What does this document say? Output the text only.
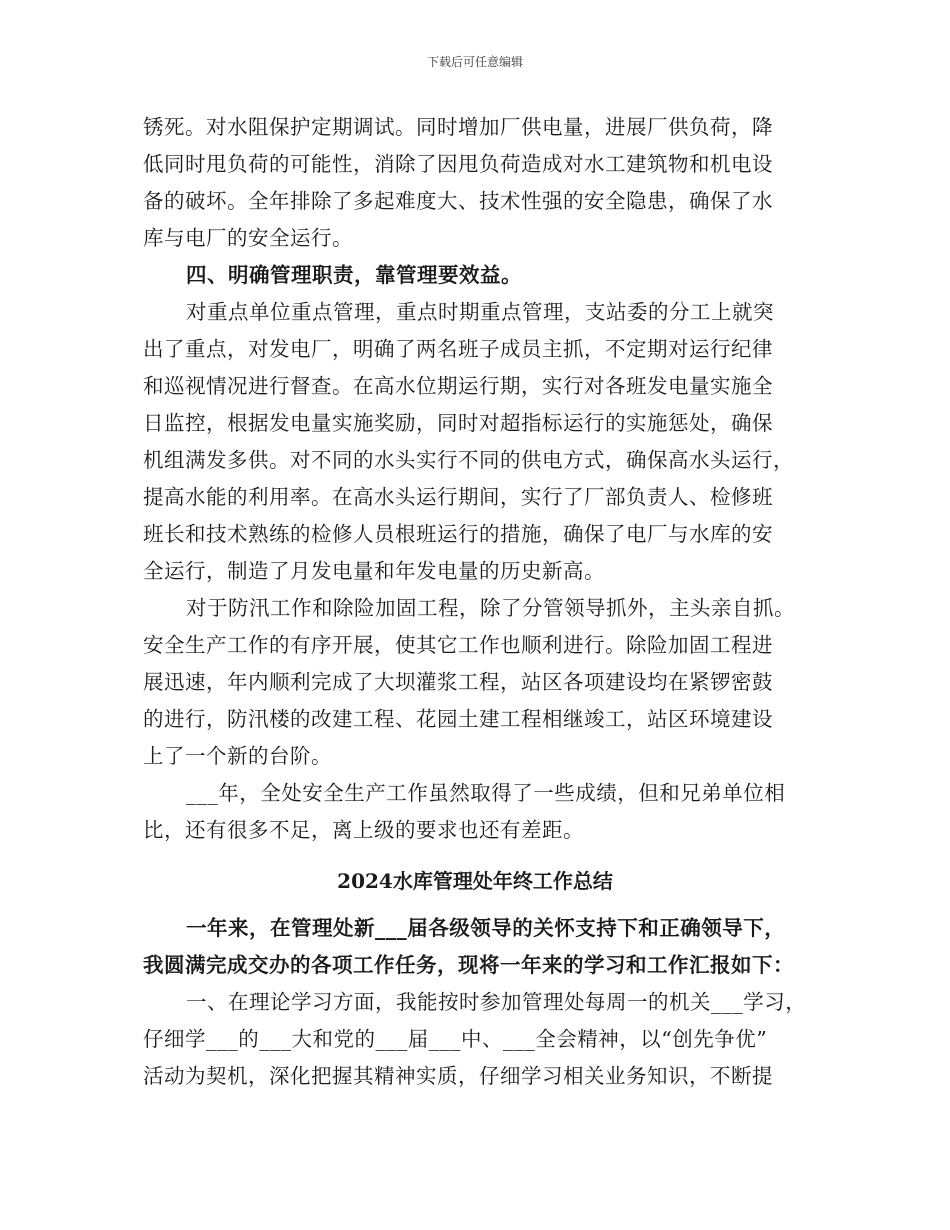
下载后可任意编辑
锈死。对水阻保护定期调试。同时增加厂供电量，进展厂供负荷，降
低同时甩负荷的可能性，消除了因甩负荷造成对水工建筑物和机电设
备的破坏。全年排除了多起难度大、技术性强的安全隐患，确保了水
库与电厂的安全运行。
四、明确管理职责，靠管理要效益。
对重点单位重点管理，重点时期重点管理，支站委的分工上就突
出了重点，对发电厂，明确了两名班子成员主抓，不定期对运行纪律
和巡视情况进行督查。在高水位期运行期，实行对各班发电量实施全
日监控，根据发电量实施奖励，同时对超指标运行的实施惩处，确保
机组满发多供。对不同的水头实行不同的供电方式，确保高水头运行，
提高水能的利用率。在高水头运行期间，实行了厂部负责人、检修班
班长和技术熟练的检修人员根班运行的措施，确保了电厂与水库的安
全运行，制造了月发电量和年发电量的历史新高。
对于防汛工作和除险加固工程，除了分管领导抓外，主头亲自抓。
安全生产工作的有序开展，使其它工作也顺利进行。除险加固工程进
展迅速，年内顺利完成了大坝灌浆工程，站区各项建设均在紧锣密鼓
的进行，防汛楼的改建工程、花园土建工程相继竣工，站区环境建设
上了一个新的台阶。
___年，全处安全生产工作虽然取得了一些成绩，但和兄弟单位相
比，还有很多不足，离上级的要求也还有差距。
2024水库管理处年终工作总结
一年来，在管理处新___届各级领导的关怀支持下和正确领导下，
我圆满完成交办的各项工作任务，现将一年来的学习和工作汇报如下：
一、在理论学习方面，我能按时参加管理处每周一的机关___学习，
仔细学___的___大和党的___届___中、___全会精神，以“创先争优”
活动为契机，深化把握其精神实质，仔细学习相关业务知识，不断提
